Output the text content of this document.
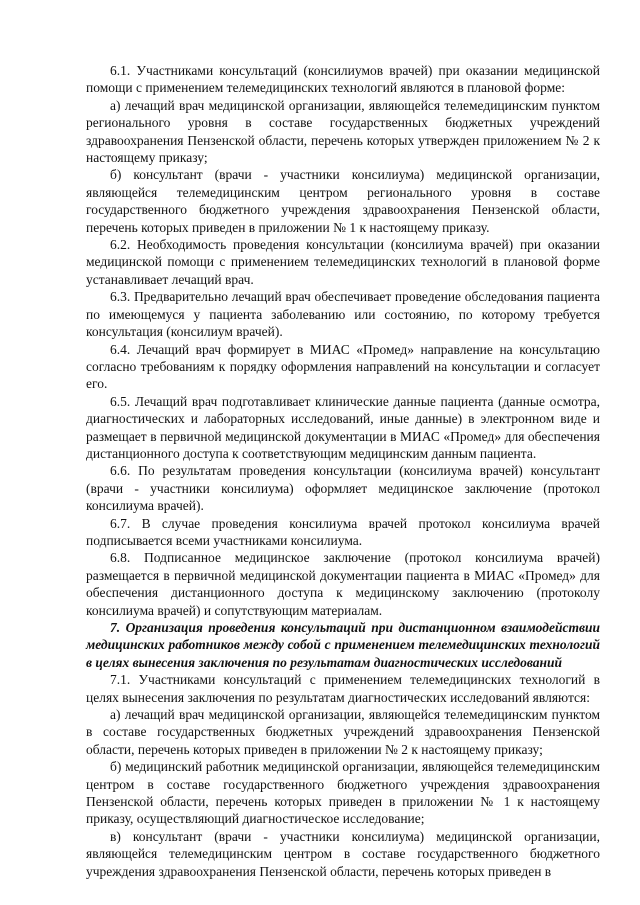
6.1. Участниками консультаций (консилиумов врачей) при оказании медицинской помощи с применением телемедицинских технологий являются в плановой форме:

а) лечащий врач медицинской организации, являющейся телемедицинским пунктом регионального уровня в составе государственных бюджетных учреждений здравоохранения Пензенской области, перечень которых утвержден приложением № 2 к настоящему приказу;

б) консультант (врачи - участники консилиума) медицинской организации, являющейся телемедицинским центром регионального уровня в составе государственного бюджетного учреждения здравоохранения Пензенской области, перечень которых приведен в приложении № 1 к настоящему приказу.

6.2. Необходимость проведения консультации (консилиума врачей) при оказании медицинской помощи с применением телемедицинских технологий в плановой форме устанавливает лечащий врач.

6.3. Предварительно лечащий врач обеспечивает проведение обследования пациента по имеющемуся у пациента заболеванию или состоянию, по которому требуется консультация (консилиум врачей).

6.4. Лечащий врач формирует в МИАС «Промед» направление на консультацию согласно требованиям к порядку оформления направлений на консультации и согласует его.

6.5. Лечащий врач подготавливает клинические данные пациента (данные осмотра, диагностических и лабораторных исследований, иные данные) в электронном виде и размещает в первичной медицинской документации в МИАС «Промед» для обеспечения дистанционного доступа к соответствующим медицинским данным пациента.

6.6. По результатам проведения консультации (консилиума врачей) консультант (врачи - участники консилиума) оформляет медицинское заключение (протокол консилиума врачей).

6.7. В случае проведения консилиума врачей протокол консилиума врачей подписывается всеми участниками консилиума.

6.8. Подписанное медицинское заключение (протокол консилиума врачей) размещается в первичной медицинской документации пациента в МИАС «Промед» для обеспечения дистанционного доступа к медицинскому заключению (протоколу консилиума врачей) и сопутствующим материалам.

7. Организация проведения консультаций при дистанционном взаимодействии медицинских работников между собой с применением телемедицинских технологий в целях вынесения заключения по результатам диагностических исследований

7.1. Участниками консультаций с применением телемедицинских технологий в целях вынесения заключения по результатам диагностических исследований являются:

а) лечащий врач медицинской организации, являющейся телемедицинским пунктом в составе государственных бюджетных учреждений здравоохранения Пензенской области, перечень которых приведен в приложении № 2 к настоящему приказу;

б) медицинский работник медицинской организации, являющейся телемедицинским центром в составе государственного бюджетного учреждения здравоохранения Пензенской области, перечень которых приведен в приложении № 1 к настоящему приказу, осуществляющий диагностическое исследование;

в) консультант (врачи - участники консилиума) медицинской организации, являющейся телемедицинским центром в составе государственного бюджетного учреждения здравоохранения Пензенской области, перечень которых приведен в
